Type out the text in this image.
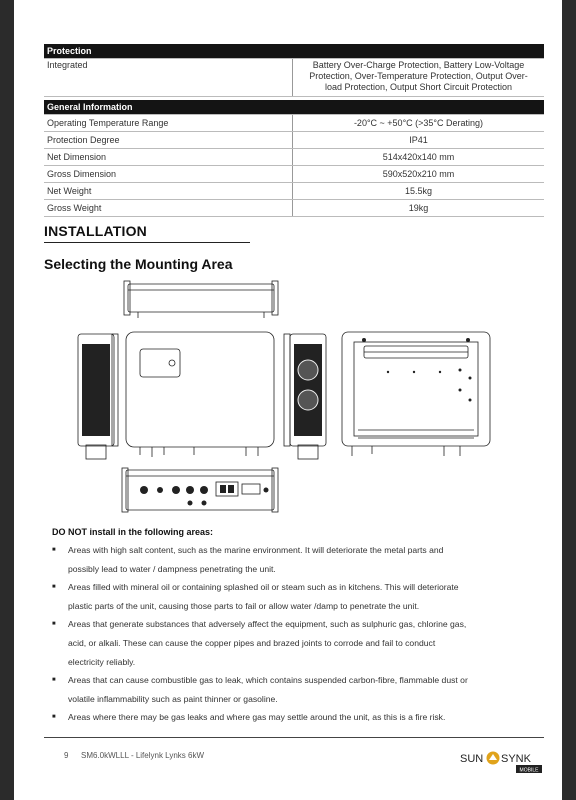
Protection
Integrated	Battery Over-Charge Protection, Battery Low-Voltage
Protection, Over-Temperature Protection, Output Over-
load Protection, Output Short Circuit Protection
General Information	
Operating Temperature Range	-20°C ~ +50°C (>35°C Derating)
Protection Degree	IP41
Net Dimension	514x420x140 mm
Gross Dimension	590x520x210 mm
Net Weight	15.5kg
Gross Weight	19kg
INSTALLATION
Selecting the Mounting Area
DO NOT install in the following areas:
■ Areas with high salt content, such as the marine environment. It will deteriorate the metal parts and
possibly lead to water / dampness penetrating the unit.
■ Areas filled with mineral oil or containing splashed oil or steam such as in kitchens. This will deteriorate
plastic parts of the unit, causing those parts to fail or allow water /damp to penetrate the unit.
■ Areas that generate substances that adversely affect the equipment, such as sulphuric gas, chlorine gas,
acid, or alkali. These can cause the copper pipes and brazed joints to corrode and fail to conduct
electricity reliably.
■ Areas that can cause combustible gas to leak, which contains suspended carbon-fibre, flammable dust or
volatile inflammability such as paint thinner or gasoline.
■ Areas where there may be gas leaks and where gas may settle around the unit, as this is a fire risk.
9 SM6.0kWLLL - Lifelynk Lynks 6kW	SUN SYNK
MOBILE
